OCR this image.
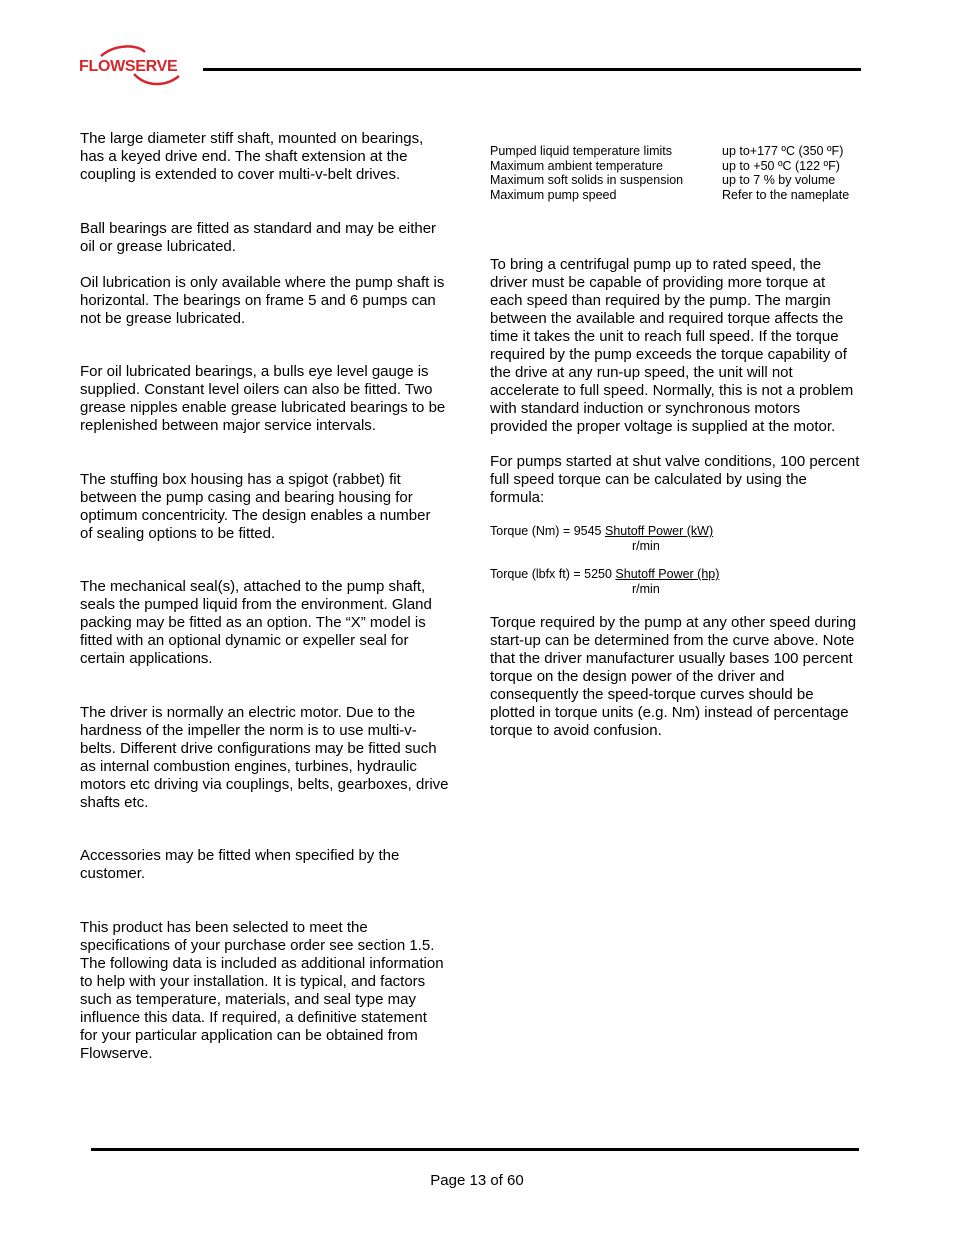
FLOWSERVE

The large diameter stiff shaft, mounted on bearings,
has a keyed drive end. The shaft extension at the
coupling is extended to cover multi-v-belt drives.

Ball bearings are fitted as standard and may be either
oil or grease lubricated.

Oil lubrication is only available where the pump shaft is
horizontal. The bearings on frame 5 and 6 pumps can
not be grease lubricated.

For oil lubricated bearings, a bulls eye level gauge is
supplied. Constant level oilers can also be fitted. Two
grease nipples enable grease lubricated bearings to be
replenished between major service intervals.

The stuffing box housing has a spigot (rabbet) fit
between the pump casing and bearing housing for
optimum concentricity. The design enables a number
of sealing options to be fitted.

The mechanical seal(s), attached to the pump shaft,
seals the pumped liquid from the environment. Gland
packing may be fitted as an option. The “X” model is
fitted with an optional dynamic or expeller seal for
certain applications.

The driver is normally an electric motor. Due to the
hardness of the impeller the norm is to use multi-v-
belts. Different drive configurations may be fitted such
as internal combustion engines, turbines, hydraulic
motors etc driving via couplings, belts, gearboxes, drive
shafts etc.

Accessories may be fitted when specified by the
customer.

This product has been selected to meet the
specifications of your purchase order see section 1.5.
The following data is included as additional information
to help with your installation. It is typical, and factors
such as temperature, materials, and seal type may
influence this data. If required, a definitive statement
for your particular application can be obtained from
Flowserve.

Pumped liquid temperature limits	up to+177 ºC (350 ºF)
Maximum ambient temperature	up to +50 ºC (122 ºF)
Maximum soft solids in suspension	up to 7 % by volume
Maximum pump speed	Refer to the nameplate

To bring a centrifugal pump up to rated speed, the
driver must be capable of providing more torque at
each speed than required by the pump. The margin
between the available and required torque affects the
time it takes the unit to reach full speed. If the torque
required by the pump exceeds the torque capability of
the drive at any run-up speed, the unit will not
accelerate to full speed. Normally, this is not a problem
with standard induction or synchronous motors
provided the proper voltage is supplied at the motor.

For pumps started at shut valve conditions, 100 percent
full speed torque can be calculated by using the
formula:

Torque required by the pump at any other speed during
start-up can be determined from the curve above. Note
that the driver manufacturer usually bases 100 percent
torque on the design power of the driver and
consequently the speed-torque curves should be
plotted in torque units (e.g. Nm) instead of percentage
torque to avoid confusion.

Torque (Nm) = 9545 Shutoff Power (kW)
r/min
Torque (lbfx ft) = 5250 Shutoff Power (hp)
r/min
Page 13 of 60
